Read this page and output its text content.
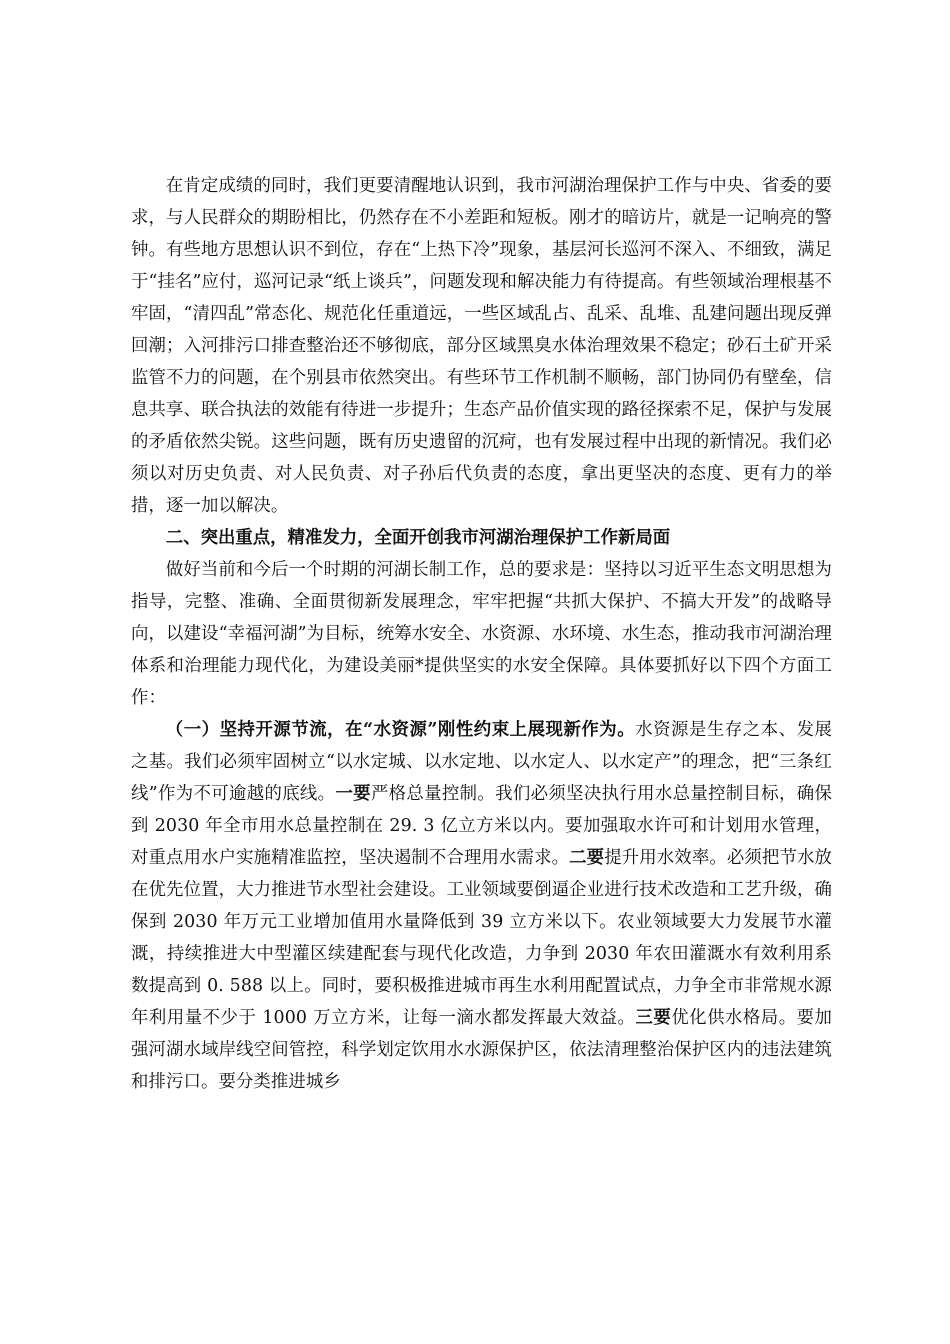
在肯定成绩的同时，我们更要清醒地认识到，我市河湖治理保护工作与中央、省委的要求，与人民群众的期盼相比，仍然存在不小差距和短板。刚才的暗访片，就是一记响亮的警钟。有些地方思想认识不到位，存在“上热下冷”现象，基层河长巡河不深入、不细致，满足于“挂名”应付，巡河记录“纸上谈兵”，问题发现和解决能力有待提高。有些领域治理根基不牢固，“清四乱”常态化、规范化任重道远，一些区域乱占、乱采、乱堆、乱建问题出现反弹回潮；入河排污口排查整治还不够彻底，部分区域黑臭水体治理效果不稳定；砂石土矿开采监管不力的问题，在个别县市依然突出。有些环节工作机制不顺畅，部门协同仍有壁垒，信息共享、联合执法的效能有待进一步提升；生态产品价值实现的路径探索不足，保护与发展的矛盾依然尖锐。这些问题，既有历史遗留的沉疴，也有发展过程中出现的新情况。我们必须以对历史负责、对人民负责、对子孙后代负责的态度，拿出更坚决的态度、更有力的举措，逐一加以解决。

二、突出重点，精准发力，全面开创我市河湖治理保护工作新局面

做好当前和今后一个时期的河湖长制工作，总的要求是：坚持以习近平生态文明思想为指导，完整、准确、全面贯彻新发展理念，牢牢把握“共抓大保护、不搞大开发”的战略导向，以建设“幸福河湖”为目标，统筹水安全、水资源、水环境、水生态，推动我市河湖治理体系和治理能力现代化，为建设美丽*提供坚实的水安全保障。具体要抓好以下四个方面工作：

（一）坚持开源节流，在“水资源”刚性约束上展现新作为。水资源是生存之本、发展之基。我们必须牢固树立“以水定城、以水定地、以水定人、以水定产”的理念，把“三条红线”作为不可逾越的底线。一要严格总量控制。我们必须坚决执行用水总量控制目标，确保到 2030 年全市用水总量控制在 29. 3 亿立方米以内。要加强取水许可和计划用水管理，对重点用水户实施精准监控，坚决遏制不合理用水需求。二要提升用水效率。必须把节水放在优先位置，大力推进节水型社会建设。工业领域要倒逼企业进行技术改造和工艺升级，确保到 2030 年万元工业增加值用水量降低到 39 立方米以下。农业领域要大力发展节水灌溉，持续推进大中型灌区续建配套与现代化改造，力争到 2030 年农田灌溉水有效利用系数提高到 0. 588 以上。同时，要积极推进城市再生水利用配置试点，力争全市非常规水源年利用量不少于 1000 万立方米，让每一滴水都发挥最大效益。三要优化供水格局。要加强河湖水域岸线空间管控，科学划定饮用水水源保护区，依法清理整治保护区内的违法建筑和排污口。要分类推进城乡
